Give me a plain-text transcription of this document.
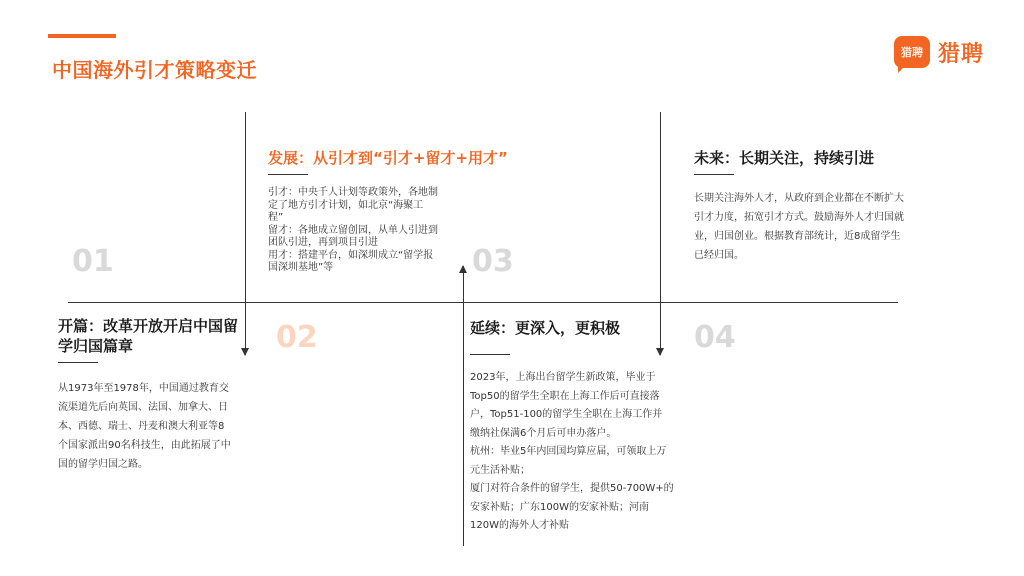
中国海外引才策略变迁
猎聘 猎聘
01
开篇：改革开放开启中国留
学归国篇章

从1973年至1978年，中国通过教育交

流渠道先后向英国、法国、加拿大、日

本、西德、瑞士、丹麦和澳大利亚等8

个国家派出90名科技生，由此拓展了中

国的留学归国之路。

02
发展：从引才到“引才+留才+用才”

引才：中央千人计划等政策外，各地制

定了地方引才计划，如北京“海聚工

程”

留才：各地成立留创园，从单人引进到

团队引进，再到项目引进

用才：搭建平台，如深圳成立“留学报

国深圳基地”等	03
延续：更深入，更积极

2023年，上海出台留学生新政策，毕业于

Top50的留学生全职在上海工作后可直接落

户，Top51-100的留学生全职在上海工作并

缴纳社保满6个月后可申办落户。

杭州：毕业5年内回国均算应届，可领取上万

元生活补贴；

厦门对符合条件的留学生，提供50-700W+的

安家补贴；广东100W的安家补贴；河南

120W的海外人才补贴

04
未来：长期关注，持续引进

长期关注海外人才，从政府到企业都在不断扩大

引才力度，拓宽引才方式。鼓励海外人才归国就

业，归国创业。根据教育部统计，近8成留学生

已经归国。
